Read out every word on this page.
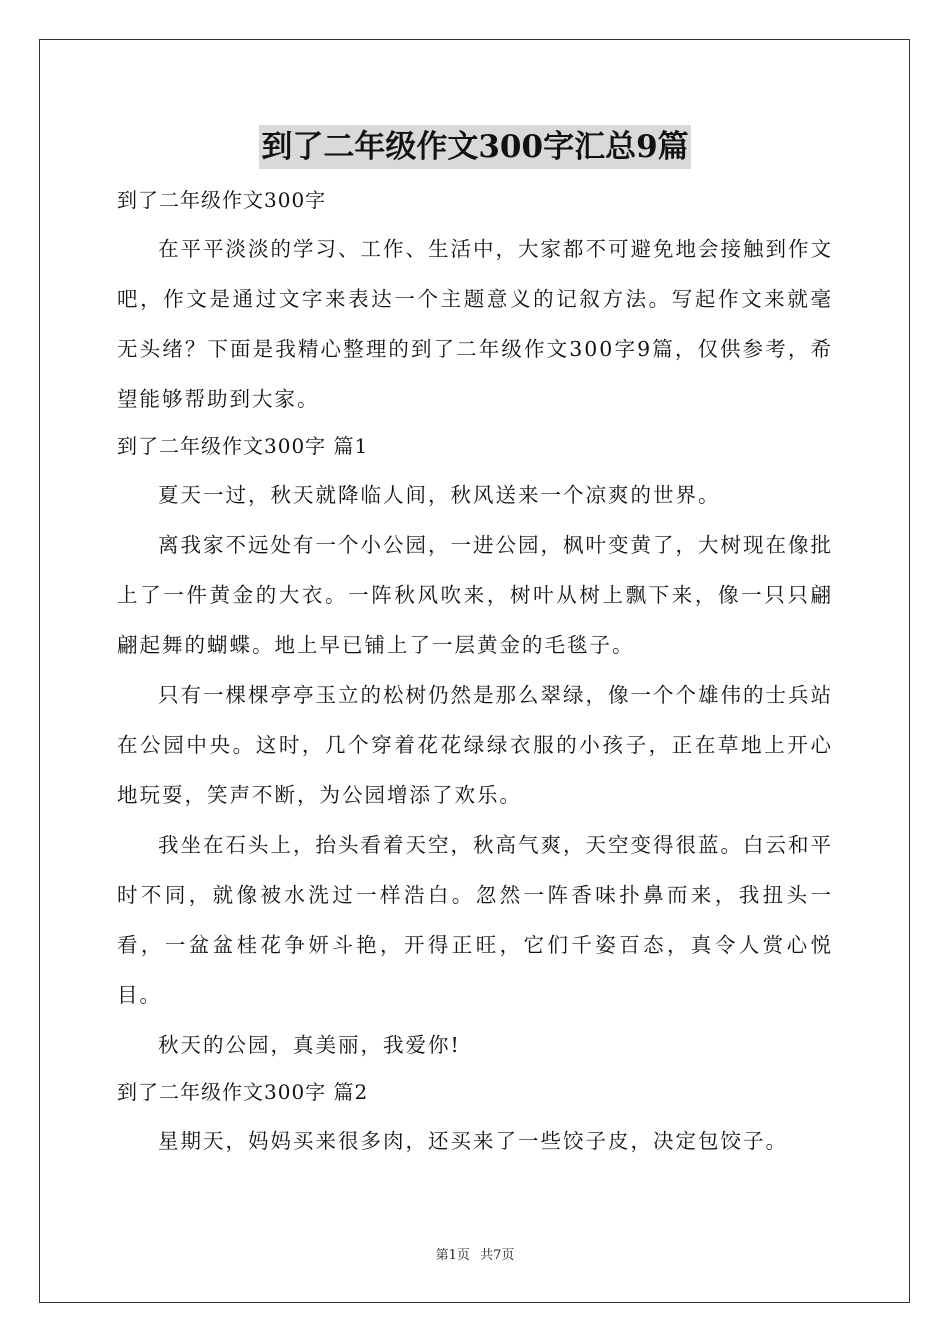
到了二年级作文300字汇总9篇

到了二年级作文300字

在平平淡淡的学习、工作、生活中，大家都不可避免地会接触到作文吧，作文是通过文字来表达一个主题意义的记叙方法。写起作文来就毫无头绪？下面是我精心整理的到了二年级作文300字9篇，仅供参考，希望能够帮助到大家。

到了二年级作文300字 篇1

夏天一过，秋天就降临人间，秋风送来一个凉爽的世界。

离我家不远处有一个小公园，一进公园，枫叶变黄了，大树现在像批上了一件黄金的大衣。一阵秋风吹来，树叶从树上飘下来，像一只只翩翩起舞的蝴蝶。地上早已铺上了一层黄金的毛毯子。

只有一棵棵亭亭玉立的松树仍然是那么翠绿，像一个个雄伟的士兵站在公园中央。这时，几个穿着花花绿绿衣服的小孩子，正在草地上开心地玩耍，笑声不断，为公园增添了欢乐。

我坐在石头上，抬头看着天空，秋高气爽，天空变得很蓝。白云和平时不同，就像被水洗过一样浩白。忽然一阵香味扑鼻而来，我扭头一看，一盆盆桂花争妍斗艳，开得正旺，它们千姿百态，真令人赏心悦目。

秋天的公园，真美丽，我爱你!

到了二年级作文300字 篇2

星期天，妈妈买来很多肉，还买来了一些饺子皮，决定包饺子。

第1页 共7页
